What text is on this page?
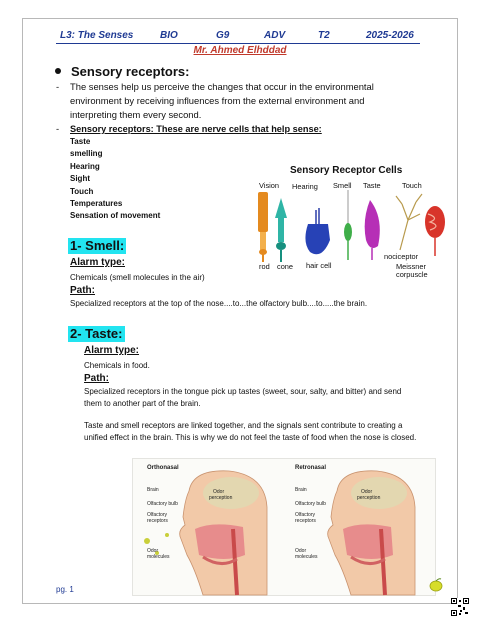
L3: The Senses	BIO	G9	ADV	T2	2025-2026
Mr. Ahmed Elhddad
Sensory receptors:
- The senses help us perceive the changes that occur in the environmental environment by receiving influences from the external environment and interpreting them every second.
- Sensory receptors: These are nerve cells that help sense:
Taste
smelling
Hearing
Sight
Touch
Temperatures
Sensation of movement
Sensory Receptor Cells
Vision Hearing Smell Taste	Touch
rod cone hair cell
nociceptor
Meissner
corpuscle
1- Smell:
Alarm type:
Chemicals (smell molecules in the air)
Path:
Specialized receptors at the top of the nose....to...the olfactory bulb....to.....the brain.
2- Taste:
Alarm type:
Chemicals in food.
Path:
Specialized receptors in the tongue pick up tastes (sweet, sour, salty, and bitter) and send them to another part of the brain.
Taste and smell receptors are linked together, and the signals sent contribute to creating a unified effect in the brain. This is why we do not feel the taste of food when the nose is closed.
Orthonasal	Retronasal
Brain
Olfactory bulb
Olfactory
receptors
Odor
molecules
Odor
perception
Brain
Olfactory bulb
Olfactory
receptors
Odor
molecules
Odor
perception
pg. 1
